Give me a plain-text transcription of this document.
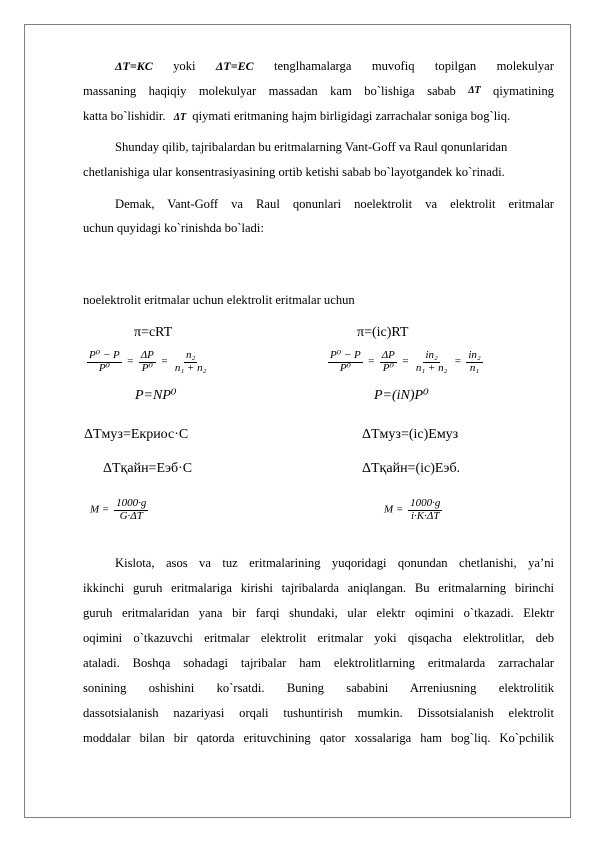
ΔT=KC yoki ΔT=EC tenglhamalarga muvofiq topilgan molekulyar
massaning haqiqiy molekulyar massadan kam bo`lishiga sabab ΔT qiymatining
katta bo`lishidir. ΔT qiymati eritmaning hajm birligidagi zarrachalar soniga bog`liq.
Shunday qilib, tajribalardan bu eritmalarning Vant-Goff va Raul qonunlaridan
chetlanishiga ular konsentrasiyasining ortib ketishi sabab bo`layotgandek ko`rinadi.
Demak, Vant-Goff va Raul qonunlari noelektrolit va elektrolit eritmalar
uchun quyidagi ko`rinishda bo`ladi:
noelektrolit eritmalar uchun elektrolit eritmalar uchun
π=cRT
$\frac{\text{P⁰ − P}}{\text{P⁰}} = \frac{\Delta P}{\text{P⁰}} = \frac{\text{n₂}}{\text{n₁ + n₂}}$
P=NP⁰
ΔTмуз=Eкриос·C
ΔTқайн=Eэб·C
$M = \frac{1000\cdot g}{G\cdot\Delta T}$
π=(ic)RT
$\frac{\text{P⁰ − P}}{\text{P⁰}} = \frac{\Delta P}{\text{P⁰}} = \frac{\text{in₂}}{\text{n₁ + n₂}} = \frac{\text{in₂}}{\text{n₁}}$
P=(iN)P⁰
ΔTмуз=(ic)Eмуз
ΔTқайн=(ic)Eэб.
$M = \frac{1000\cdot g}{i\cdot K\cdot\Delta T}$
Kislota, asos va tuz eritmalarining yuqoridagi qonundan chetlanishi, ya’ni
ikkinchi guruh eritmalariga kirishi tajribalarda aniqlangan. Bu eritmalarning birinchi
guruh eritmalaridan yana bir farqi shundaki, ular elektr oqimini o`tkazadi. Elektr
oqimini o`tkazuvchi eritmalar elektrolit eritmalar yoki qisqacha elektrolitlar, deb
ataladi. Boshqa sohadagi tajribalar ham elektrolitlarning eritmalarda zarrachalar
sonining oshishini ko`rsatdi. Buning sababini Arreniusning elektrolitik
dassotsialanish nazariyasi orqali tushuntirish mumkin. Dissotsialanish elektrolit
moddalar bilan bir qatorda erituvchining qator xossalariga ham bog`liq. Ko`pchilik
